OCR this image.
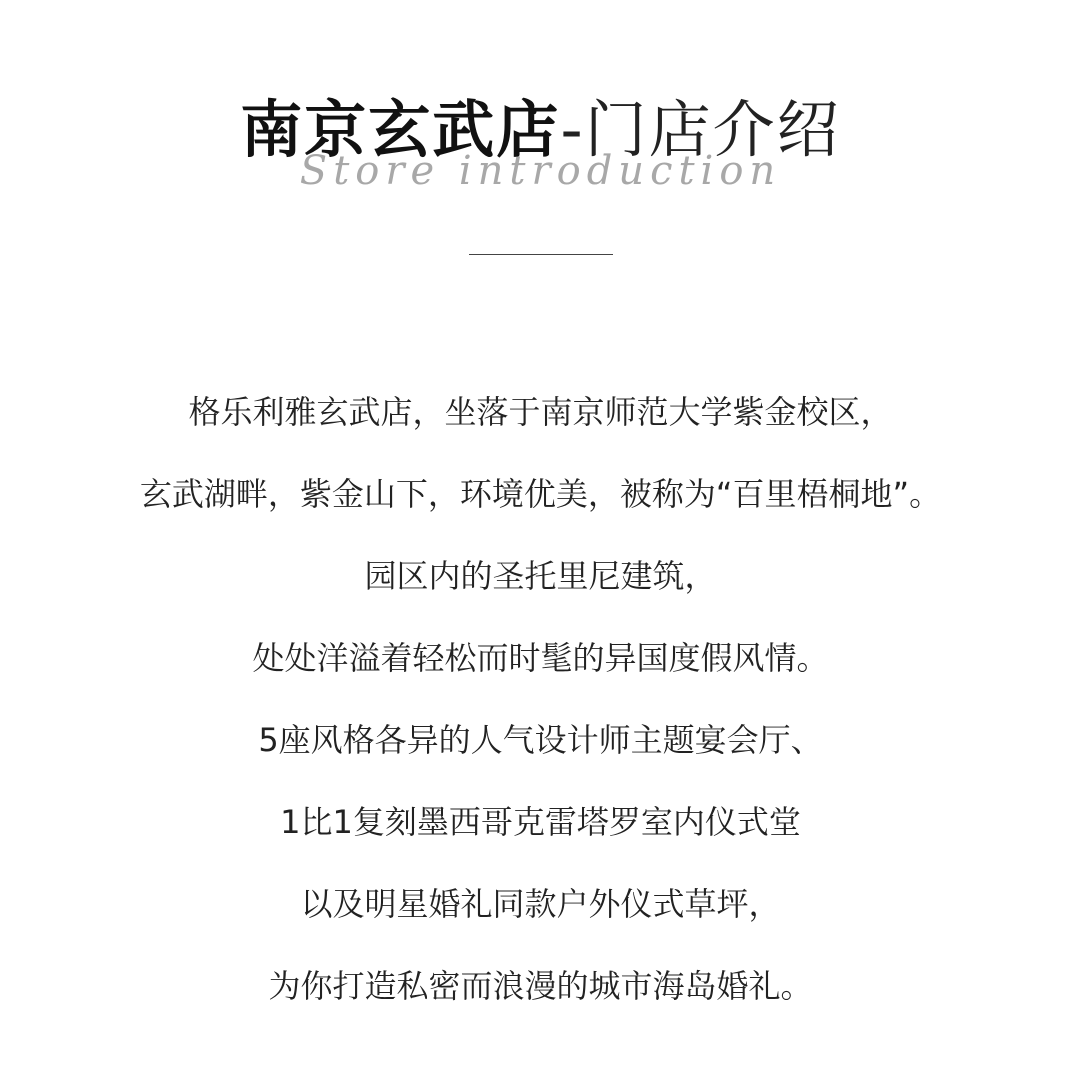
南京玄武店-门店介绍
Store introduction
格乐利雅玄武店，坐落于南京师范大学紫金校区，
玄武湖畔，紫金山下，环境优美，被称为“百里梧桐地”。
园区内的圣托里尼建筑，
处处洋溢着轻松而时髦的异国度假风情。
5座风格各异的人气设计师主题宴会厅、
1比1复刻墨西哥克雷塔罗室内仪式堂
以及明星婚礼同款户外仪式草坪，
为你打造私密而浪漫的城市海岛婚礼。
